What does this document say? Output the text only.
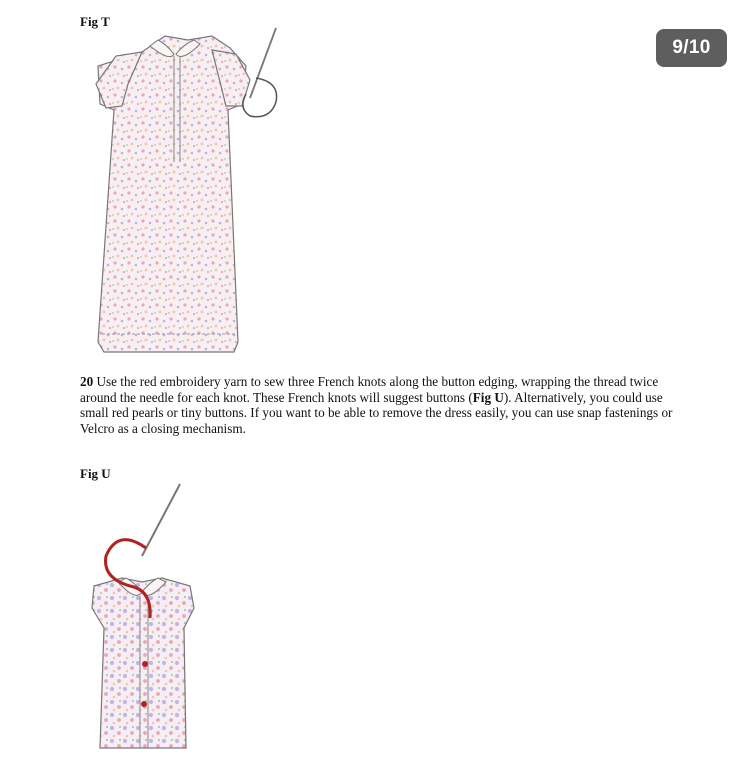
Fig T
9/10
20 Use the red embroidery yarn to sew three French knots along the button edging, wrapping the thread twice around the needle for each knot. These French knots will suggest buttons (Fig U). Alternatively, you could use small red pearls or tiny buttons. If you want to be able to remove the dress easily, you can use snap fastenings or Velcro as a closing mechanism.
Fig U
